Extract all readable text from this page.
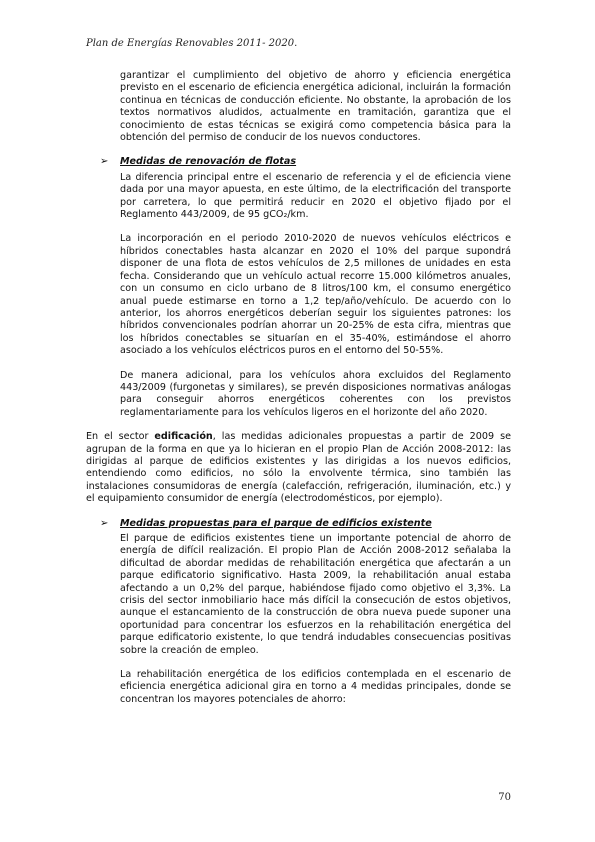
Plan de Energías Renovables 2011- 2020.

garantizar el cumplimiento del objetivo de ahorro y eficiencia energética previsto en el escenario de eficiencia energética adicional, incluirán la formación continua en técnicas de conducción eficiente. No obstante, la aprobación de los textos normativos aludidos, actualmente en tramitación, garantiza que el conocimiento de estas técnicas se exigirá como competencia básica para la obtención del permiso de conducir de los nuevos conductores.

➢	Medidas de renovación de flotas

La diferencia principal entre el escenario de referencia y el de eficiencia viene dada por una mayor apuesta, en este último, de la electrificación del transporte por carretera, lo que permitirá reducir en 2020 el objetivo fijado por el Reglamento 443/2009, de 95 gCO₂/km.

La incorporación en el periodo 2010-2020 de nuevos vehículos eléctricos e híbridos conectables hasta alcanzar en 2020 el 10% del parque supondrá disponer de una flota de estos vehículos de 2,5 millones de unidades en esta fecha. Considerando que un vehículo actual recorre 15.000 kilómetros anuales, con un consumo en ciclo urbano de 8 litros/100 km, el consumo energético anual puede estimarse en torno a 1,2 tep/año/vehículo. De acuerdo con lo anterior, los ahorros energéticos deberían seguir los siguientes patrones: los híbridos convencionales podrían ahorrar un 20-25% de esta cifra, mientras que los híbridos conectables se situarían en el 35-40%, estimándose el ahorro asociado a los vehículos eléctricos puros en el entorno del 50-55%.

De manera adicional, para los vehículos ahora excluidos del Reglamento 443/2009 (furgonetas y similares), se prevén disposiciones normativas análogas para conseguir ahorros energéticos coherentes con los previstos reglamentariamente para los vehículos ligeros en el horizonte del año 2020.

En el sector edificación, las medidas adicionales propuestas a partir de 2009 se agrupan de la forma en que ya lo hicieran en el propio Plan de Acción 2008-2012: las dirigidas al parque de edificios existentes y las dirigidas a los nuevos edificios, entendiendo como edificios, no sólo la envolvente térmica, sino también las instalaciones consumidoras de energía (calefacción, refrigeración, iluminación, etc.) y el equipamiento consumidor de energía (electrodomésticos, por ejemplo).

➢	Medidas propuestas para el parque de edificios existente

El parque de edificios existentes tiene un importante potencial de ahorro de energía de difícil realización. El propio Plan de Acción 2008-2012 señalaba la dificultad de abordar medidas de rehabilitación energética que afectarán a un parque edificatorio significativo. Hasta 2009, la rehabilitación anual estaba afectando a un 0,2% del parque, habiéndose fijado como objetivo el 3,3%. La crisis del sector inmobiliario hace más difícil la consecución de estos objetivos, aunque el estancamiento de la construcción de obra nueva puede suponer una oportunidad para concentrar los esfuerzos en la rehabilitación energética del parque edificatorio existente, lo que tendrá indudables consecuencias positivas sobre la creación de empleo.

La rehabilitación energética de los edificios contemplada en el escenario de eficiencia energética adicional gira en torno a 4 medidas principales, donde se concentran los mayores potenciales de ahorro:

70
